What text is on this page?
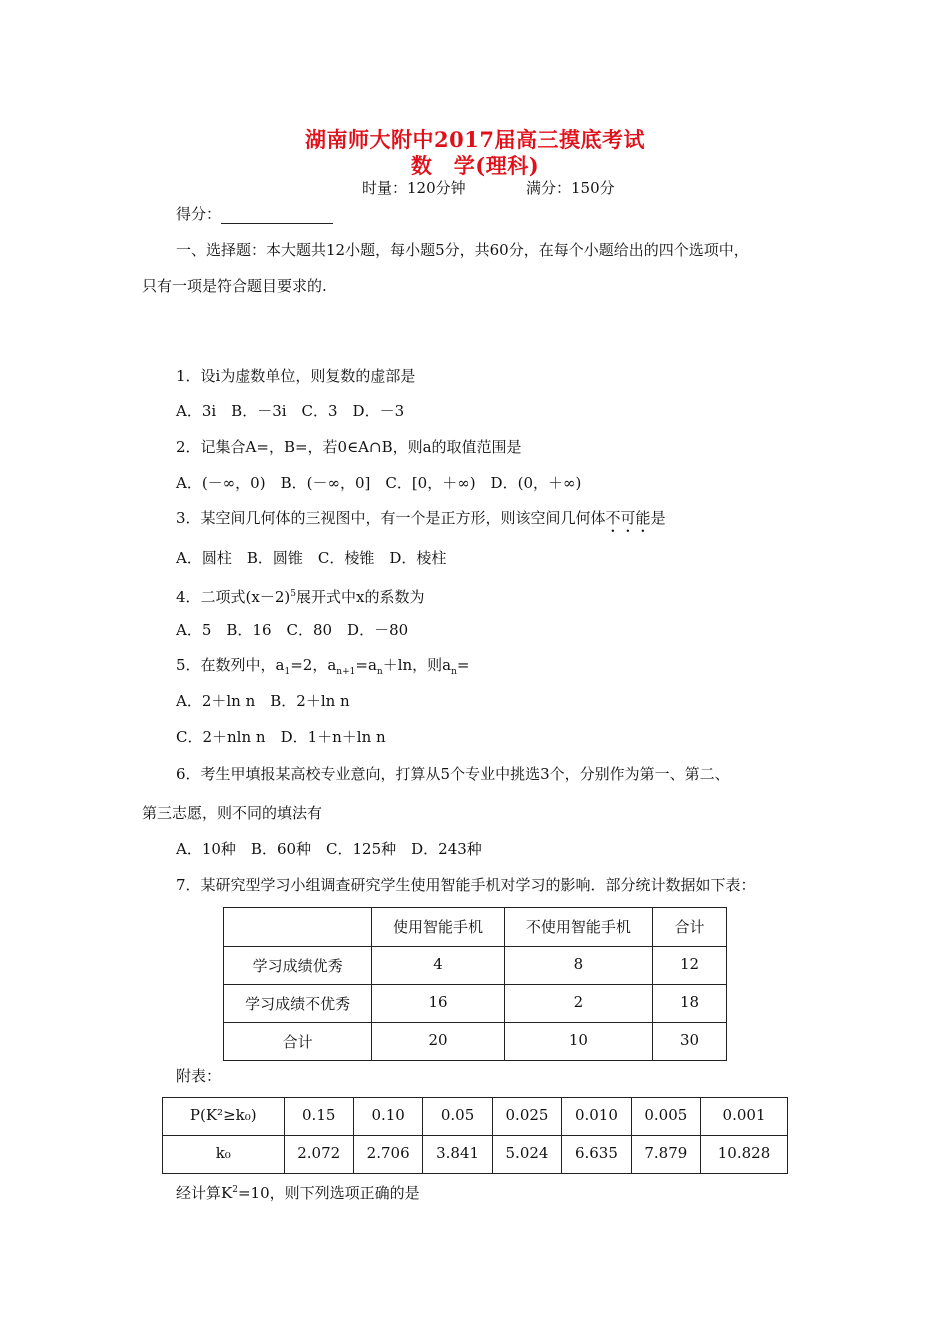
湖南师大附中2017届高三摸底考试
数　学(理科)
时量：120分钟	满分：150分
得分：
一、选择题：本大题共12小题，每小题5分，共60分，在每个小题给出的四个选项中，
只有一项是符合题目要求的.
1．设i为虚数单位，则复数的虚部是
A．3i　B．－3i　C．3　D．－3
2．记集合A=，B=，若0∈A∩B，则a的取值范围是
A．(－∞，0)　B．(－∞，0]　C．[0，＋∞)　D．(0，＋∞)
3．某空间几何体的三视图中，有一个是正方形，则该空间几何体不可能是
A．圆柱　B．圆锥　C．棱锥　D．棱柱
4．二项式$(x-2)^5$展开式中x的系数为
A．5　B．16　C．80　D．－80
5．在数列中，$a_1=2$，$a_{n+1}=a_n+\ln$，则$a_n=$
A．2＋ln n　B．2＋ln n
C．2＋nln n　D．1＋n＋ln n
6．考生甲填报某高校专业意向，打算从5个专业中挑选3个，分别作为第一、第二、
第三志愿，则不同的填法有
A．10种　B．60种　C．125种　D．243种
7．某研究型学习小组调查研究学生使用智能手机对学习的影响．部分统计数据如下表：
	使用智能手机	不使用智能手机	合计
学习成绩优秀	4	8	12
学习成绩不优秀	16	2	18
合计	20	10	30
附表：
P(K²≥k₀)	0.15	0.10	0.05	0.025	0.010	0.005	0.001
k₀	2.072	2.706	3.841	5.024	6.635	7.879	10.828
经计算$K^2=10$，则下列选项正确的是
